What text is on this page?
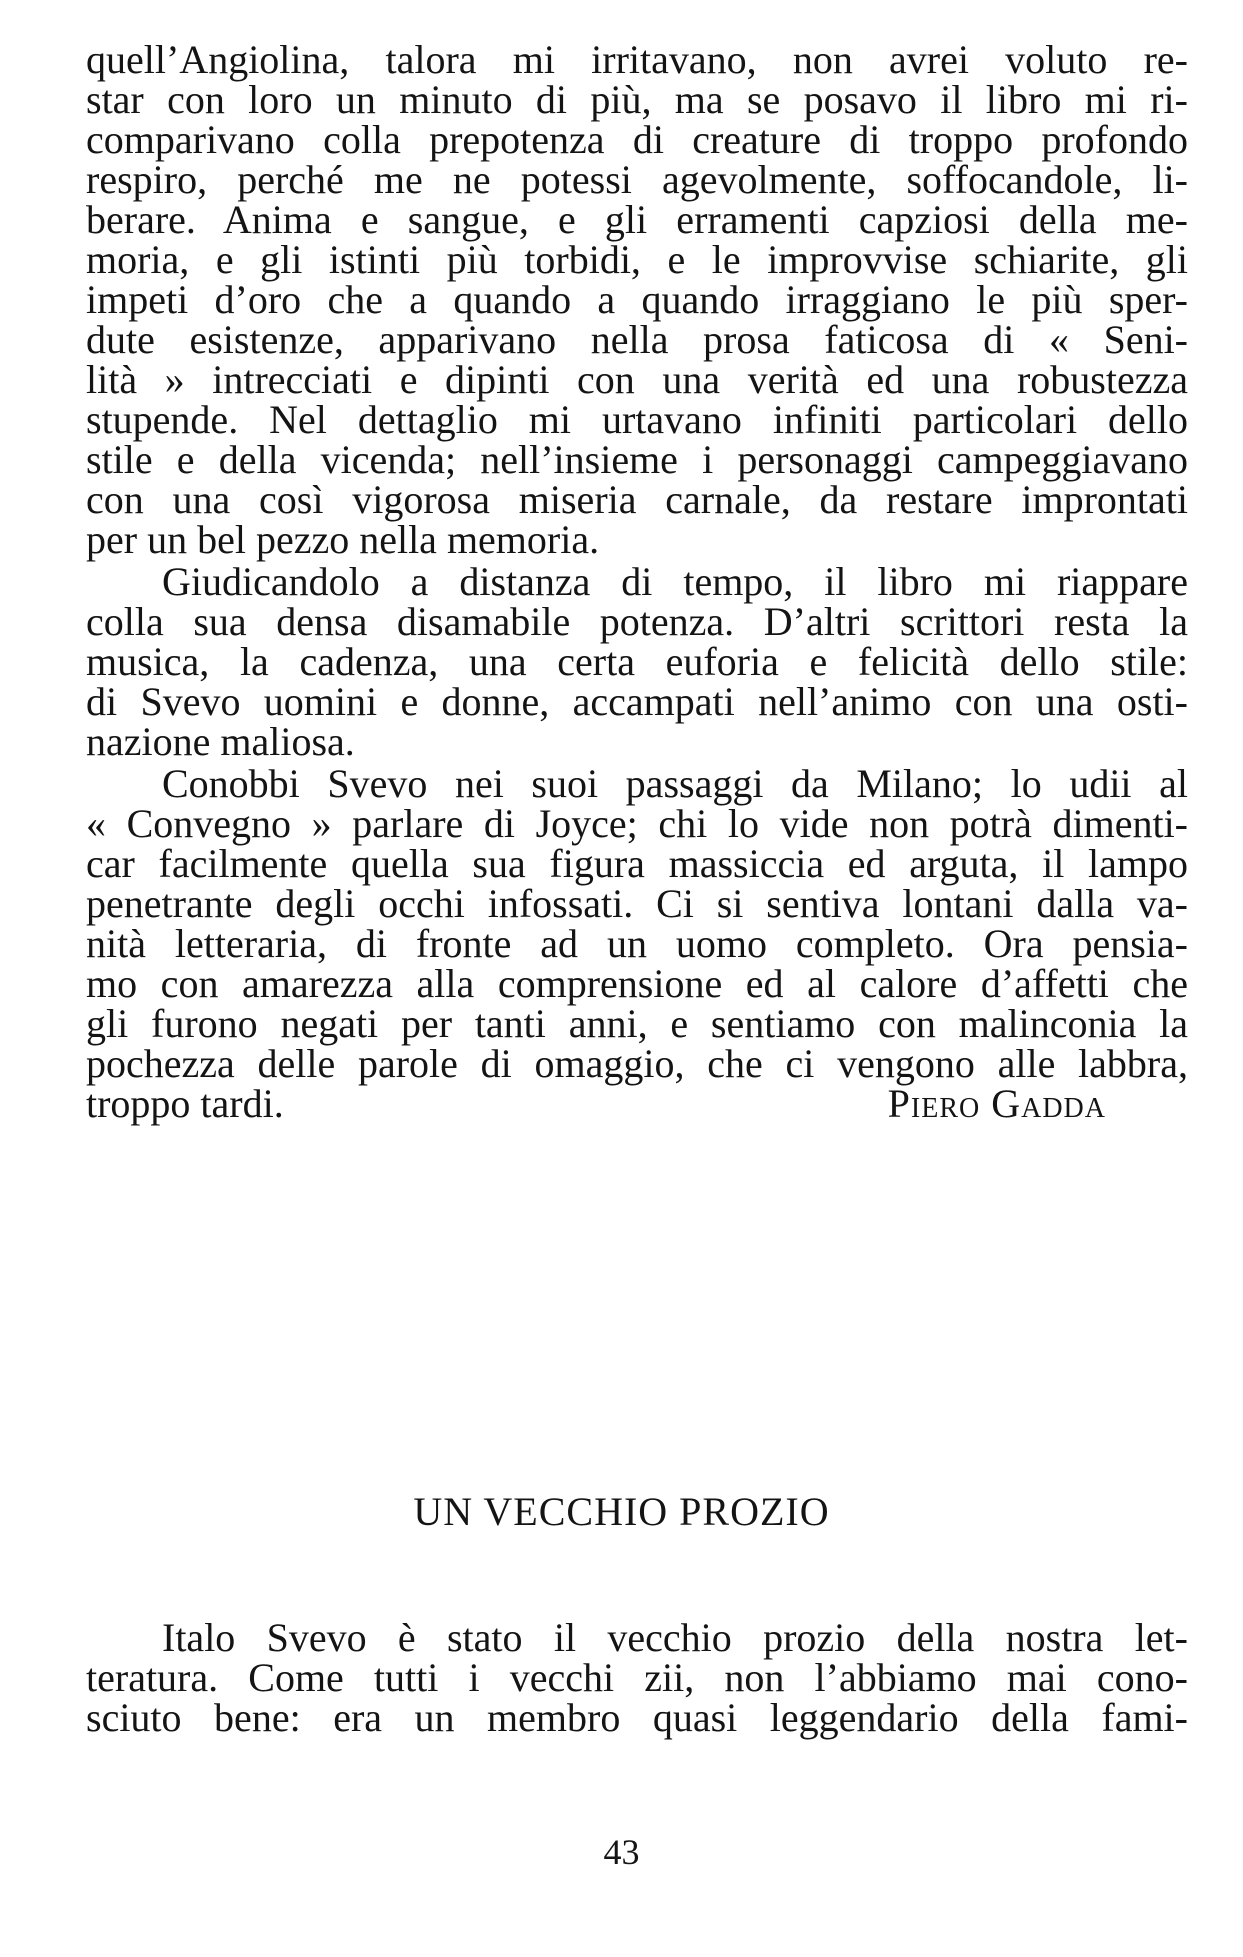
quell’Angiolina, talora mi irritavano, non avrei voluto re-
star con loro un minuto di più, ma se posavo il libro mi ri-
comparivano colla prepotenza di creature di troppo profondo
respiro, perché me ne potessi agevolmente, soffocandole, li-
berare. Anima e sangue, e gli erramenti capziosi della me-
moria, e gli istinti più torbidi, e le improvvise schiarite, gli
impeti d’oro che a quando a quando irraggiano le più sper-
dute esistenze, apparivano nella prosa faticosa di « Seni-
lità » intrecciati e dipinti con una verità ed una robustezza
stupende. Nel dettaglio mi urtavano infiniti particolari dello
stile e della vicenda; nell’insieme i personaggi campeggiavano
con una così vigorosa miseria carnale, da restare improntati
per un bel pezzo nella memoria.
Giudicandolo a distanza di tempo, il libro mi riappare
colla sua densa disamabile potenza. D’altri scrittori resta la
musica, la cadenza, una certa euforia e felicità dello stile:
di Svevo uomini e donne, accampati nell’animo con una osti-
nazione maliosa.
Conobbi Svevo nei suoi passaggi da Milano; lo udii al
« Convegno » parlare di Joyce; chi lo vide non potrà dimenti-
car facilmente quella sua figura massiccia ed arguta, il lampo
penetrante degli occhi infossati. Ci si sentiva lontani dalla va-
nità letteraria, di fronte ad un uomo completo. Ora pensia-
mo con amarezza alla comprensione ed al calore d’affetti che
gli furono negati per tanti anni, e sentiamo con malinconia la
pochezza delle parole di omaggio, che ci vengono alle labbra,
troppo tardi.	Piero Gadda
UN VECCHIO PROZIO
Italo Svevo è stato il vecchio prozio della nostra let-
teratura. Come tutti i vecchi zii, non l’abbiamo mai cono-
sciuto bene: era un membro quasi leggendario della fami-
43
